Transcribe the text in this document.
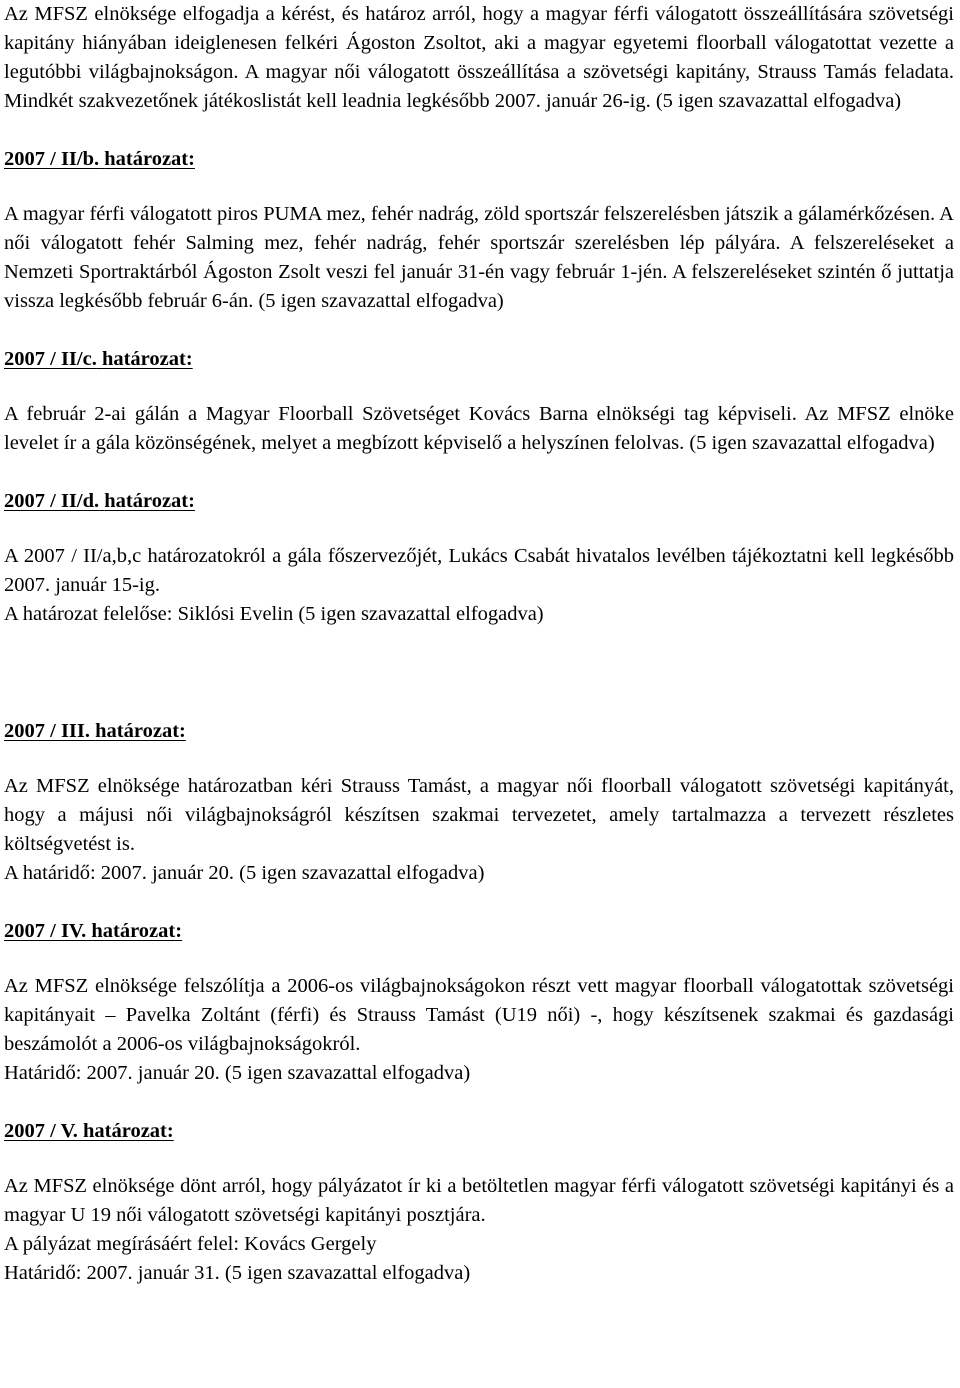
Az MFSZ elnöksége elfogadja a kérést, és határoz arról, hogy a magyar férfi válogatott összeállítására szövetségi kapitány hiányában ideiglenesen felkéri Ágoston Zsoltot, aki a magyar egyetemi floorball válogatottat vezette a legutóbbi világbajnokságon. A magyar női válogatott összeállítása a szövetségi kapitány, Strauss Tamás feladata. Mindkét szakvezetőnek játékoslistát kell leadnia legkésőbb 2007. január 26-ig. (5 igen szavazattal elfogadva)

2007 / II/b. határozat:

A magyar férfi válogatott piros PUMA mez, fehér nadrág, zöld sportszár felszerelésben játszik a gálamérkőzésen. A női válogatott fehér Salming mez, fehér nadrág, fehér sportszár szerelésben lép pályára. A felszereléseket a Nemzeti Sportraktárból Ágoston Zsolt veszi fel január 31-én vagy február 1-jén. A felszereléseket szintén ő juttatja vissza legkésőbb február 6-án. (5 igen szavazattal elfogadva)

2007 / II/c. határozat:

A február 2-ai gálán a Magyar Floorball Szövetséget Kovács Barna elnökségi tag képviseli. Az MFSZ elnöke levelet ír a gála közönségének, melyet a megbízott képviselő a helyszínen felolvas. (5 igen szavazattal elfogadva)

2007 / II/d. határozat:

A 2007 / II/a,b,c határozatokról a gála főszervezőjét, Lukács Csabát hivatalos levélben tájékoztatni kell legkésőbb 2007. január 15-ig.

A határozat felelőse: Siklósi Evelin (5 igen szavazattal elfogadva)

2007 / III. határozat:

Az MFSZ elnöksége határozatban kéri Strauss Tamást, a magyar női floorball válogatott szövetségi kapitányát, hogy a májusi női világbajnokságról készítsen szakmai tervezetet, amely tartalmazza a tervezett részletes költségvetést is.

A határidő: 2007. január 20. (5 igen szavazattal elfogadva)

2007 / IV. határozat:

Az MFSZ elnöksége felszólítja a 2006-os világbajnokságokon részt vett magyar floorball válogatottak szövetségi kapitányait – Pavelka Zoltánt (férfi) és Strauss Tamást (U19 női) -, hogy készítsenek szakmai és gazdasági beszámolót a 2006-os világbajnokságokról.

Határidő: 2007. január 20. (5 igen szavazattal elfogadva)

2007 / V. határozat:

Az MFSZ elnöksége dönt arról, hogy pályázatot ír ki a betöltetlen magyar férfi válogatott szövetségi kapitányi és a magyar U 19 női válogatott szövetségi kapitányi posztjára.

A pályázat megírásáért felel: Kovács Gergely

Határidő: 2007. január 31. (5 igen szavazattal elfogadva)
